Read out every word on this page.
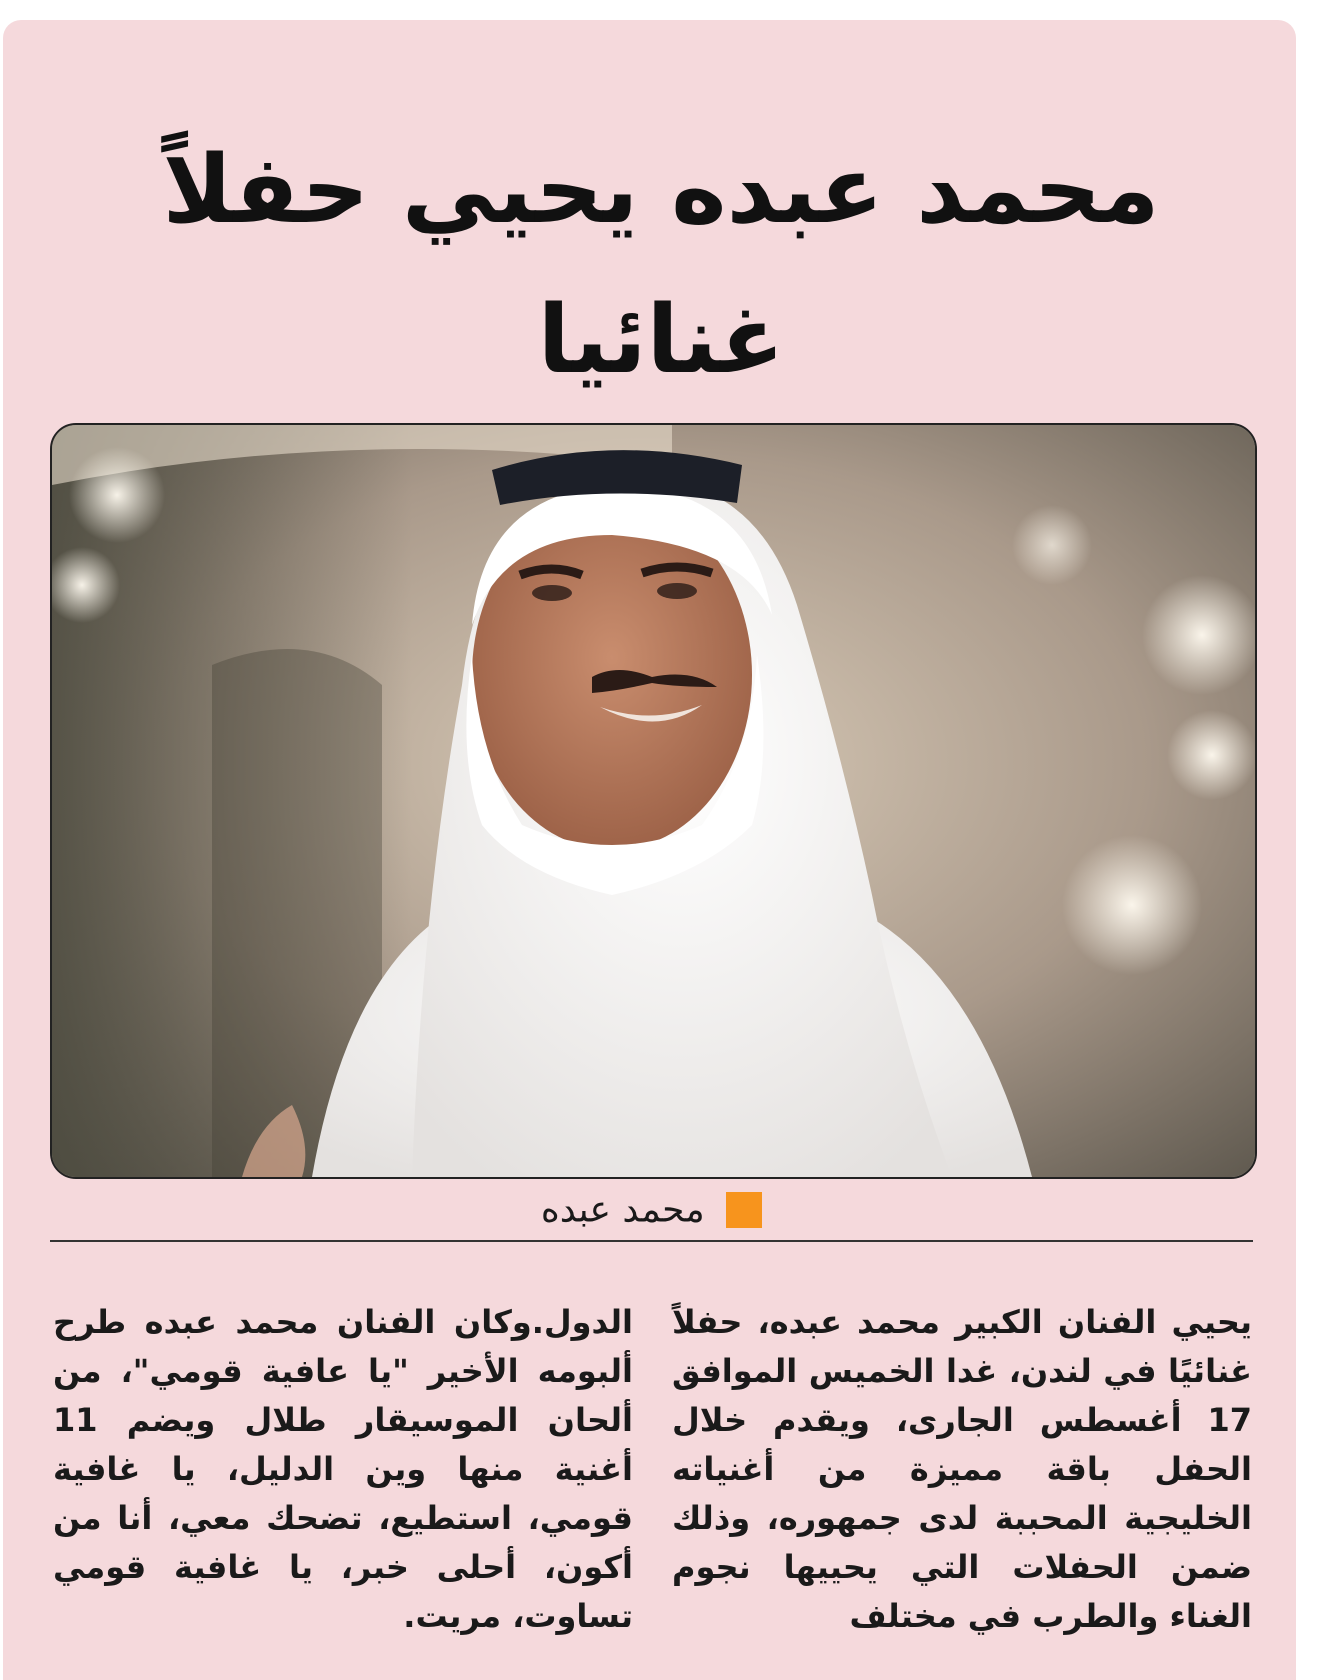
محمد عبده يحيي حفلاً غنائيا
محمد عبده

يحيي الفنان الكبير محمد عبده، حفلاً غنائيًا في لندن، غدا الخميس الموافق 17 أغسطس الجارى، ويقدم خلال الحفل باقة مميزة من أغنياته الخليجية المحببة لدى جمهوره، وذلك ضمن الحفلات التي يحييها نجوم الغناء والطرب في مختلف

الدول.وكان الفنان محمد عبده طرح ألبومه الأخير "يا عافية قومي"، من ألحان الموسيقار طلال ويضم 11 أغنية منها وين الدليل، يا غافية قومي، استطيع، تضحك معي، أنا من أكون، أحلى خبر، يا غافية قومي تساوت، مريت.
